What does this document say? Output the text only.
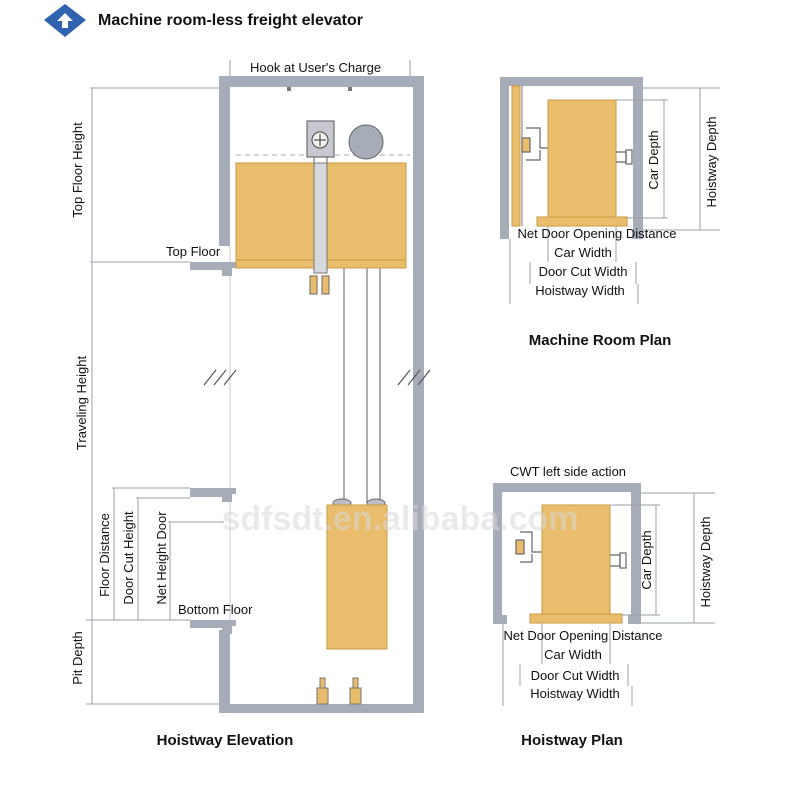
Machine room-less freight elevator
Hook at User's Charge
Top Floor Height
Top Floor
Traveling Height
Floor Distance Door Cut Height Net Height Door
Bottom Floor
Pit Depth
Hoistway Elevation
Car Depth	Hoistway Depth
Net Door Opening Distance
Car Width
Door Cut Width
Hoistway Width
Machine Room Plan
CWT left side action
Car Depth	Hoistway Depth
Net Door Opening Distance
Car Width
Door Cut Width
Hoistway Width
Hoistway Plan
sdfsdt.en.alibaba.com
